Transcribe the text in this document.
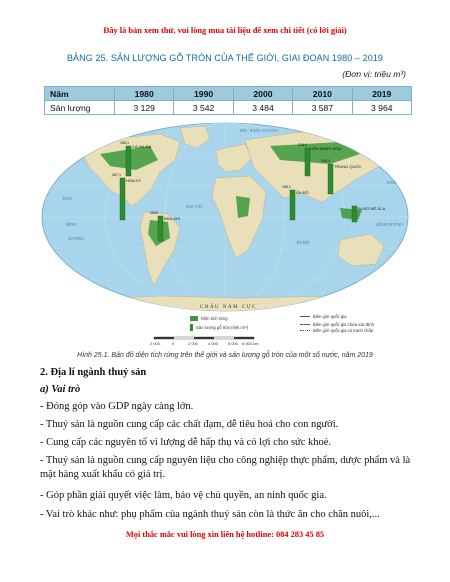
Đây là bản xem thử, vui lòng mua tài liệu để xem chi tiết (có lời giải)
BẢNG 25. SẢN LƯỢNG GỖ TRÒN CỦA THẾ GIỚI, GIAI ĐOẠN 1980 – 2019
(Đơn vị: triệu m³)
Năm	1980	1990	2000	2010	2019
Sản lượng	3 129	3 542	3 484	3 587	3 964
CA-NA-ĐA
HOA KỲ
BRA-XIN
LIÊN BANG NGA
TRUNG QUỐC
ẤN ĐỘ
IN-ĐÔ-NÊ-XI-A
457,1
155,1	218,4
340,1
1053
155,1
BẮC BĂNG DƯƠNG
THÁI
BÌNH
DƯƠNG
ĐẠI TÂY
ẤN ĐỘ
THÁI
BÌNH DƯƠNG
CHÂU NAM CỰC
Diện tích rừng
Sản lượng gỗ tròn (triệu m³)
Biên giới quốc gia
Biên giới quốc gia chưa xác định
Biên giới quốc gia có tranh chấp
2 000	0	2 000 4 000 6 000 8 000 km
Hình 25.1. Bản đồ diện tích rừng trên thế giới và sản lượng gỗ tròn của một số nước, năm 2019
2. Địa lí ngành thuỷ sản
a) Vai trò
- Đóng góp vào GDP ngày càng lớn.
- Thuỷ sản là nguồn cung cấp các chất đạm, dễ tiêu hoá cho con người.
- Cung cấp các nguyên tố vi lượng dễ hấp thụ và có lợi cho sức khoẻ.
- Thuỷ sản là nguồn cung cấp nguyên liệu cho công nghiệp thực phẩm, dược phẩm và là mặt hàng xuất khẩu có giá trị.
- Góp phần giải quyết việc làm, bảo vệ chủ quyền, an ninh quốc gia.
- Vai trò khác như: phụ phẩm của ngành thuỷ sản còn là thức ăn cho chăn nuôi,...
Mọi thắc mắc vui lòng xin liên hệ hotline: 084 283 45 85
